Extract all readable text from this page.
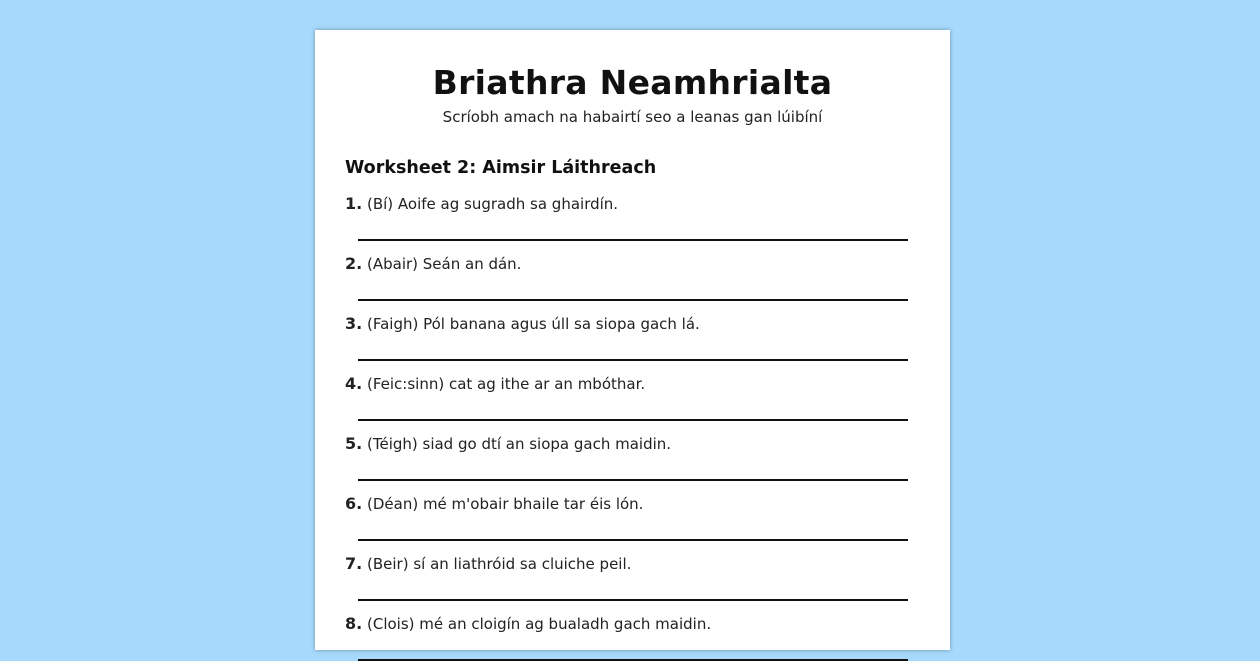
Briathra Neamhrialta
Scríobh amach na habairtí seo a leanas gan lúibíní
Worksheet 2: Aimsir Láithreach
1. (Bí) Aoife ag sugradh sa ghairdín.
2. (Abair) Seán an dán.
3. (Faigh) Pól banana agus úll sa siopa gach lá.
4. (Feic:sinn) cat ag ithe ar an mbóthar.
5. (Téigh) siad go dtí an siopa gach maidin.
6. (Déan) mé m'obair bhaile tar éis lón.
7. (Beir) sí an liathróid sa cluiche peil.
8. (Clois) mé an cloigín ag bualadh gach maidin.
